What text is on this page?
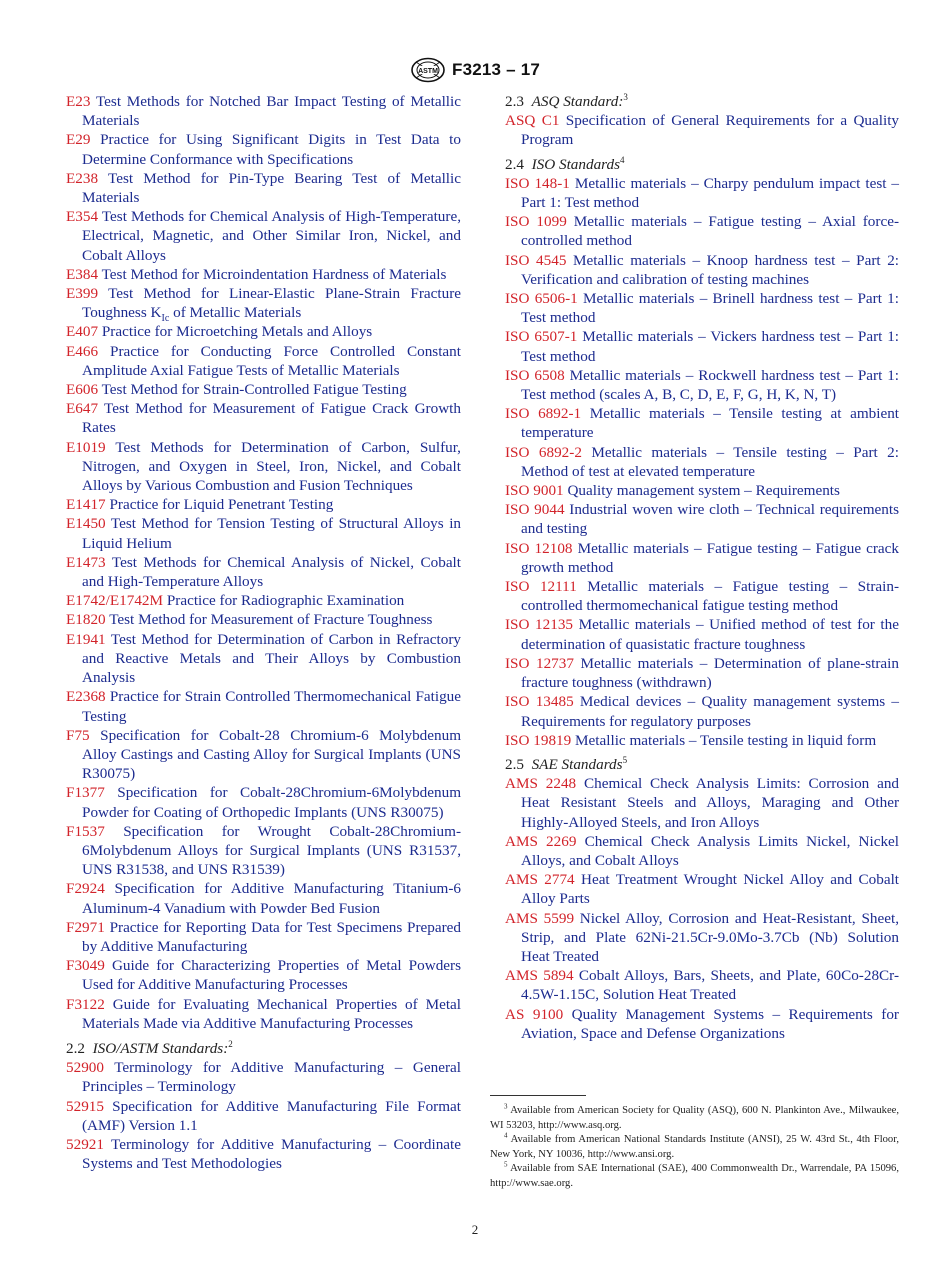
ASTM F3213 – 17

E23 Test Methods for Notched Bar Impact Testing of Metallic Materials

E29 Practice for Using Significant Digits in Test Data to Determine Conformance with Specifications

E238 Test Method for Pin-Type Bearing Test of Metallic Materials

E354 Test Methods for Chemical Analysis of High-Temperature, Electrical, Magnetic, and Other Similar Iron, Nickel, and Cobalt Alloys

E384 Test Method for Microindentation Hardness of Materials

E399 Test Method for Linear-Elastic Plane-Strain Fracture Toughness $K_{Ic}$ of Metallic Materials

E407 Practice for Microetching Metals and Alloys

E466 Practice for Conducting Force Controlled Constant Amplitude Axial Fatigue Tests of Metallic Materials

E606 Test Method for Strain-Controlled Fatigue Testing

E647 Test Method for Measurement of Fatigue Crack Growth Rates

E1019 Test Methods for Determination of Carbon, Sulfur, Nitrogen, and Oxygen in Steel, Iron, Nickel, and Cobalt Alloys by Various Combustion and Fusion Techniques

E1417 Practice for Liquid Penetrant Testing

E1450 Test Method for Tension Testing of Structural Alloys in Liquid Helium

E1473 Test Methods for Chemical Analysis of Nickel, Cobalt and High-Temperature Alloys

E1742/E1742M Practice for Radiographic Examination

E1820 Test Method for Measurement of Fracture Toughness

E1941 Test Method for Determination of Carbon in Refractory and Reactive Metals and Their Alloys by Combustion Analysis

E2368 Practice for Strain Controlled Thermomechanical Fatigue Testing

F75 Specification for Cobalt-28 Chromium-6 Molybdenum Alloy Castings and Casting Alloy for Surgical Implants (UNS R30075)

F1377 Specification for Cobalt-28Chromium-6Molybdenum Powder for Coating of Orthopedic Implants (UNS R30075)

F1537 Specification for Wrought Cobalt-28Chromium-6Molybdenum Alloys for Surgical Implants (UNS R31537, UNS R31538, and UNS R31539)

F2924 Specification for Additive Manufacturing Titanium-6 Aluminum-4 Vanadium with Powder Bed Fusion

F2971 Practice for Reporting Data for Test Specimens Prepared by Additive Manufacturing

F3049 Guide for Characterizing Properties of Metal Powders Used for Additive Manufacturing Processes

F3122 Guide for Evaluating Mechanical Properties of Metal Materials Made via Additive Manufacturing Processes

2.2 ISO/ASTM Standards:$^2$

52900 Terminology for Additive Manufacturing – General Principles – Terminology

52915 Specification for Additive Manufacturing File Format (AMF) Version 1.1

52921 Terminology for Additive Manufacturing – Coordinate Systems and Test Methodologies

2.3 ASQ Standard:$^3$

ASQ C1 Specification of General Requirements for a Quality Program

2.4 ISO Standards$^4$

ISO 148-1 Metallic materials – Charpy pendulum impact test – Part 1: Test method

ISO 1099 Metallic materials – Fatigue testing – Axial force-controlled method

ISO 4545 Metallic materials – Knoop hardness test – Part 2: Verification and calibration of testing machines

ISO 6506-1 Metallic materials – Brinell hardness test – Part 1: Test method

ISO 6507-1 Metallic materials – Vickers hardness test – Part 1: Test method

ISO 6508 Metallic materials – Rockwell hardness test – Part 1: Test method (scales A, B, C, D, E, F, G, H, K, N, T)

ISO 6892-1 Metallic materials – Tensile testing at ambient temperature

ISO 6892-2 Metallic materials – Tensile testing – Part 2: Method of test at elevated temperature

ISO 9001 Quality management system – Requirements

ISO 9044 Industrial woven wire cloth – Technical requirements and testing

ISO 12108 Metallic materials – Fatigue testing – Fatigue crack growth method

ISO 12111 Metallic materials – Fatigue testing – Strain-controlled thermomechanical fatigue testing method

ISO 12135 Metallic materials – Unified method of test for the determination of quasistatic fracture toughness

ISO 12737 Metallic materials – Determination of plane-strain fracture toughness (withdrawn)

ISO 13485 Medical devices – Quality management systems – Requirements for regulatory purposes

ISO 19819 Metallic materials – Tensile testing in liquid form

2.5 SAE Standards$^5$

AMS 2248 Chemical Check Analysis Limits: Corrosion and Heat Resistant Steels and Alloys, Maraging and Other Highly-Alloyed Steels, and Iron Alloys

AMS 2269 Chemical Check Analysis Limits Nickel, Nickel Alloys, and Cobalt Alloys

AMS 2774 Heat Treatment Wrought Nickel Alloy and Cobalt Alloy Parts

AMS 5599 Nickel Alloy, Corrosion and Heat-Resistant, Sheet, Strip, and Plate 62Ni-21.5Cr-9.0Mo-3.7Cb (Nb) Solution Heat Treated

AMS 5894 Cobalt Alloys, Bars, Sheets, and Plate, 60Co-28Cr-4.5W-1.15C, Solution Heat Treated

AS 9100 Quality Management Systems – Requirements for Aviation, Space and Defense Organizations

$^3$ Available from American Society for Quality (ASQ), 600 N. Plankinton Ave., Milwaukee, WI 53203, http://www.asq.org.

$^4$ Available from American National Standards Institute (ANSI), 25 W. 43rd St., 4th Floor, New York, NY 10036, http://www.ansi.org.

$^5$ Available from SAE International (SAE), 400 Commonwealth Dr., Warrendale, PA 15096, http://www.sae.org.

2
